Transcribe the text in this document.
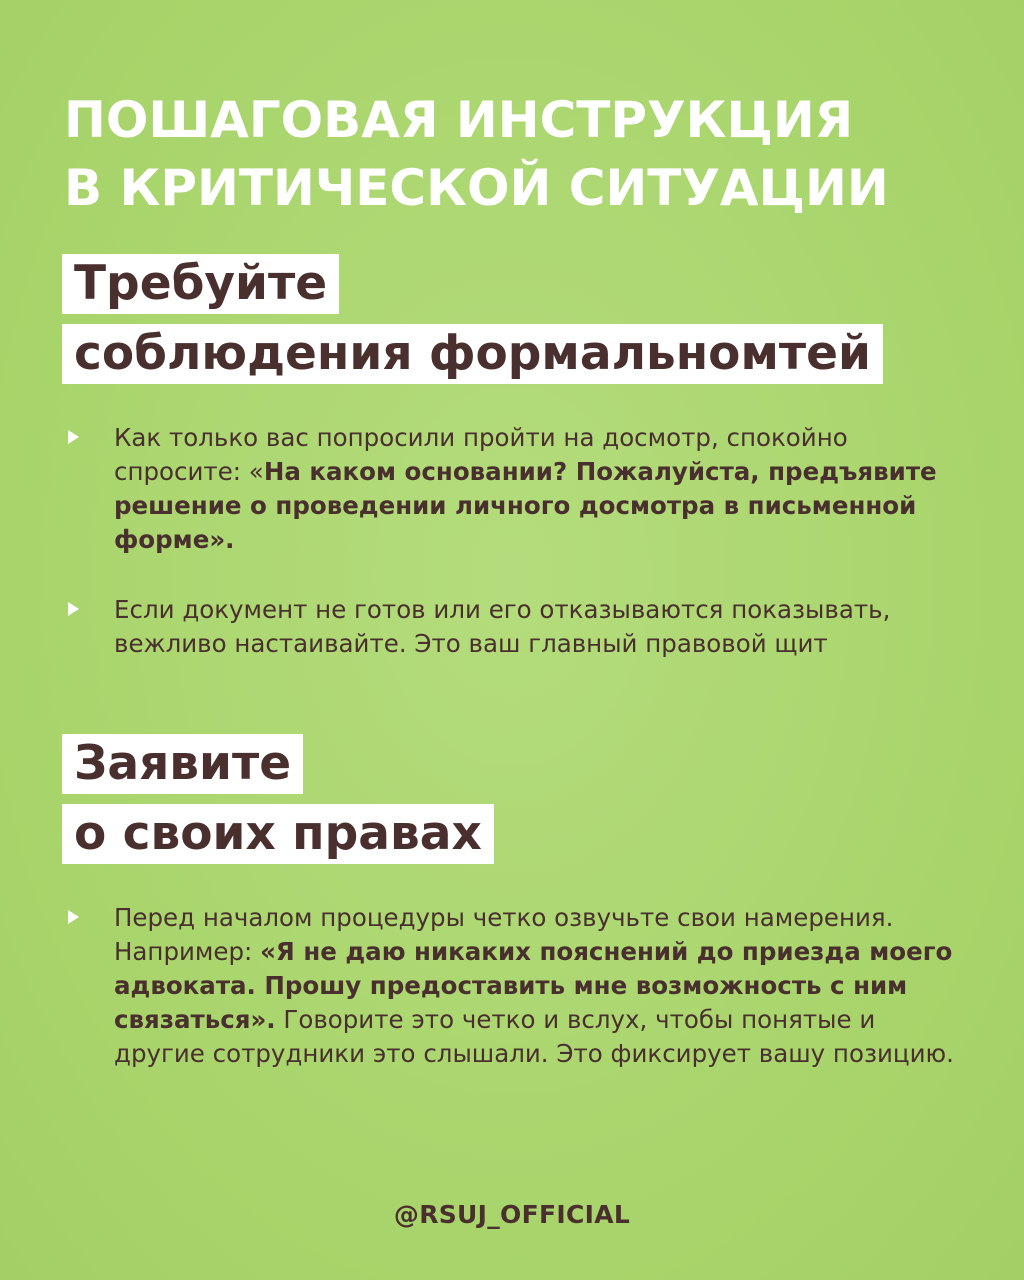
ПОШАГОВАЯ ИНСТРУКЦИЯ
В КРИТИЧЕСКОЙ СИТУАЦИИ
Требуйте
соблюдения формальномтей
Как только вас попросили пройти на досмотр, спокойно спросите: «На каком основании? Пожалуйста, предъявите решение о проведении личного досмотра в письменной форме».
Если документ не готов или его отказываются показывать, вежливо настаивайте. Это ваш главный правовой щит
Заявите
о своих правах
Перед началом процедуры четко озвучьте свои намерения. Например: «Я не даю никаких пояснений до приезда моего адвоката. Прошу предоставить мне возможность с ним связаться». Говорите это четко и вслух, чтобы понятые и другие сотрудники это слышали. Это фиксирует вашу позицию.
@RSUJ_OFFICIAL
